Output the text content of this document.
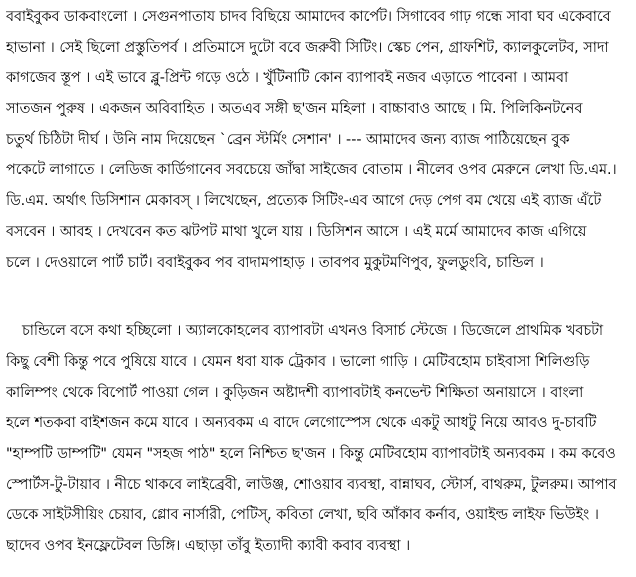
ববাইবুকব ডাকবাংলো । সেগুনপাতায চাদব বিছিয়ে আমাদেব কার্পেট। সিগাবেব গাঢ় গন্ধে সাবা ঘব একেবাবে
হাভানা । সেই ছিলো প্রস্তুতিপর্ব । প্রতিমাসে দুটো ববে জরুবী সিটিং। স্কেচ পেন, গ্রাফশিট, ক্যালকুলেটব, সাদা
কাগজেব স্তূপ । এই ভাবে ব্লু-প্রিন্ট গড়ে ওঠে । খুঁটিনাটি কোন ব্যাপাবই নজব এড়াতে পাবেনা । আমবা
সাতজন পুরুষ । একজন অবিবাহিত । অতএব সঙ্গী ছ'জন মহিলা । বাচ্চাবাও আছে । মি. পিলিকিনটনেব
চতুর্থ চিঠিটা দীর্ঘ । উনি নাম দিয়েছেন `ব্রেন স্টর্মিং সেশান' । --- আমাদেব জন্য ব্যাজ পাঠিয়েছেন বুক
পকেটে লাগাতে । লেডিজ কার্ডিগানেব সবচেয়ে জাঁদ্বা সাইজেব বোতাম । নীলেব ওপব মেরুনে লেখা ডি.এম.।
ডি.এম. অর্থাৎ ডিসিশান মেকাবস্ । লিখেছেন, প্রত্যেক সিটিং-এব আগে দেড় পেগ বম খেয়ে এই ব্যাজ এঁটে
বসবেন । আবহ । দেখবেন কত ঝটপট মাথা খুলে যায় । ডিসিশন আসে । এই মর্মে আমাদেব কাজ এগিয়ে
চলে । দেওয়ালে পার্ট চার্ট। ববাইবুকব পব বাদামপাহাড় । তাবপব মুকুটমণিপুব, ফুলডুংবি, চান্ডিল ।
চান্ডিলে বসে কথা হচ্ছিলো । অ্যালকোহলেব ব্যাপাবটা এখনও বিসার্চ স্টেজে । ডিজেলে প্রাথমিক খবচটা
কিছু বেশী কিন্তু পবে পুষিয়ে যাবে । যেমন ধবা যাক ট্রেকাব । ভালো গাড়ি । মেটিবহোম চাইবাসা শিলিগুড়ি
কালিম্পং থেকে বিপোর্ট পাওয়া গেল । কুড়িজন অষ্টাদশী ব্যাপাবটাই কনভেন্ট শিক্ষিতা অনায়াসে । বাংলা
হলে শতকবা বাইশজন কমে যাবে । অন্যবকম এ বাদে লেগোস্পেস থেকে একটু আধটু নিয়ে আবও দু-চাবটি
"হাম্পটি ডাম্পটি" যেমন "সহজ পাঠ" হলে নিশ্চিত ছ'জন । কিন্তু মেটিবহোম ব্যাপাবটাই অন্যবকম । কম কবেও
স্পোর্টস-টু-টায়াব । নীচে থাকবে লাইব্রেবী, লাউঞ্জ, শোওয়াব ব্যবস্থা, বান্নাঘব, স্টোর্স, বাথরুম, টুলরুম। আপাব
ডেকে সাইটসীয়িং চেয়াব, গ্লোব নার্সারী, পেটিস্, কবিতা লেখা, ছবি আঁকাব কর্নাব, ওয়াইল্ড লাইফ ভিউইং ।
ছাদেব ওপব ইনফ্লেটেবল ডিঙ্গি। এছাড়া তাঁবু ইত্যাদী ক্যাবী কবাব ব্যবস্থা ।
